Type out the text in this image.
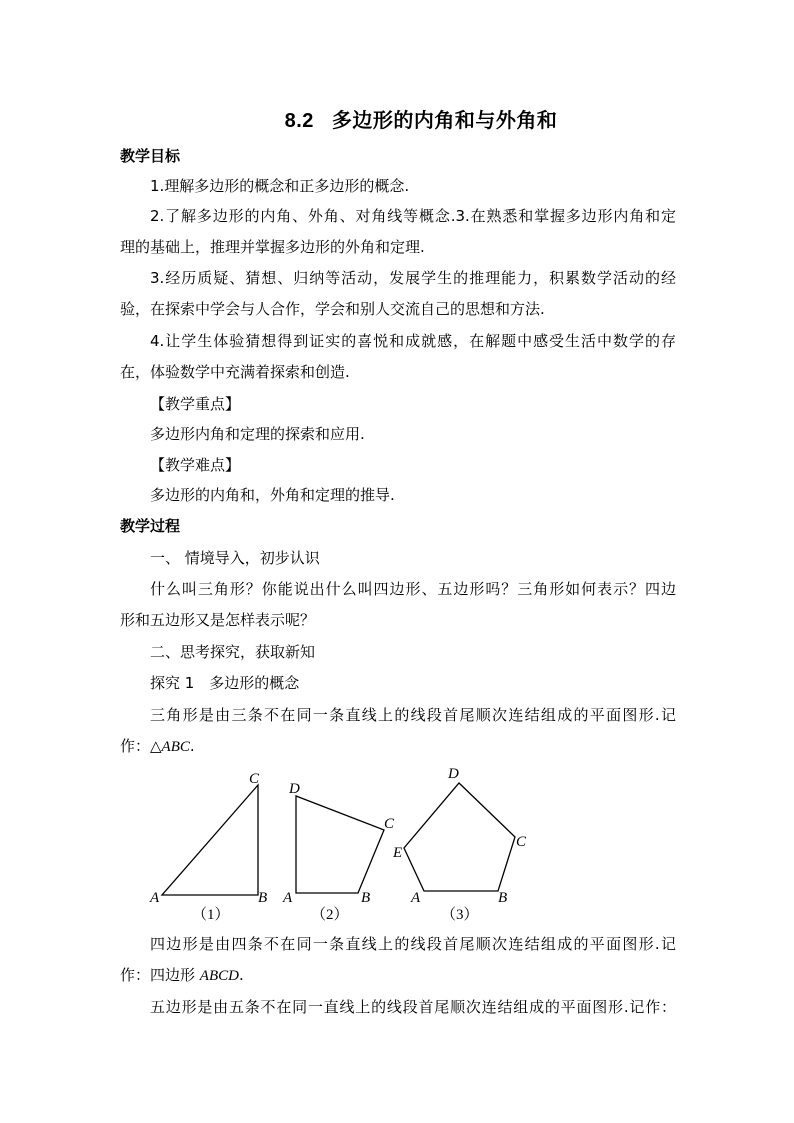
8.2 多边形的内角和与外角和
教学目标
1.理解多边形的概念和正多边形的概念.
2.了解多边形的内角、外角、对角线等概念.3.在熟悉和掌握多边形内角和定
理的基础上，推理并掌握多边形的外角和定理.
3.经历质疑、猜想、归纳等活动，发展学生的推理能力，积累数学活动的经
验，在探索中学会与人合作，学会和别人交流自己的思想和方法.
4.让学生体验猜想得到证实的喜悦和成就感，在解题中感受生活中数学的存
在，体验数学中充满着探索和创造.
【教学重点】
多边形内角和定理的探索和应用.
【教学难点】
多边形的内角和，外角和定理的推导.
教学过程
一、 情境导入，初步认识
什么叫三角形？你能说出什么叫四边形、五边形吗？三角形如何表示？四边
形和五边形又是怎样表示呢？
二、思考探究，获取新知
探究 1　多边形的概念
三角形是由三条不在同一条直线上的线段首尾顺次连结组成的平面图形.记
作：△ABC.
A	B
C
（1）
A	B
C
D
（2）
A	B
C
D
E
（3）
四边形是由四条不在同一条直线上的线段首尾顺次连结组成的平面图形.记
作：四边形 ABCD.
五边形是由五条不在同一直线上的线段首尾顺次连结组成的平面图形.记作：
